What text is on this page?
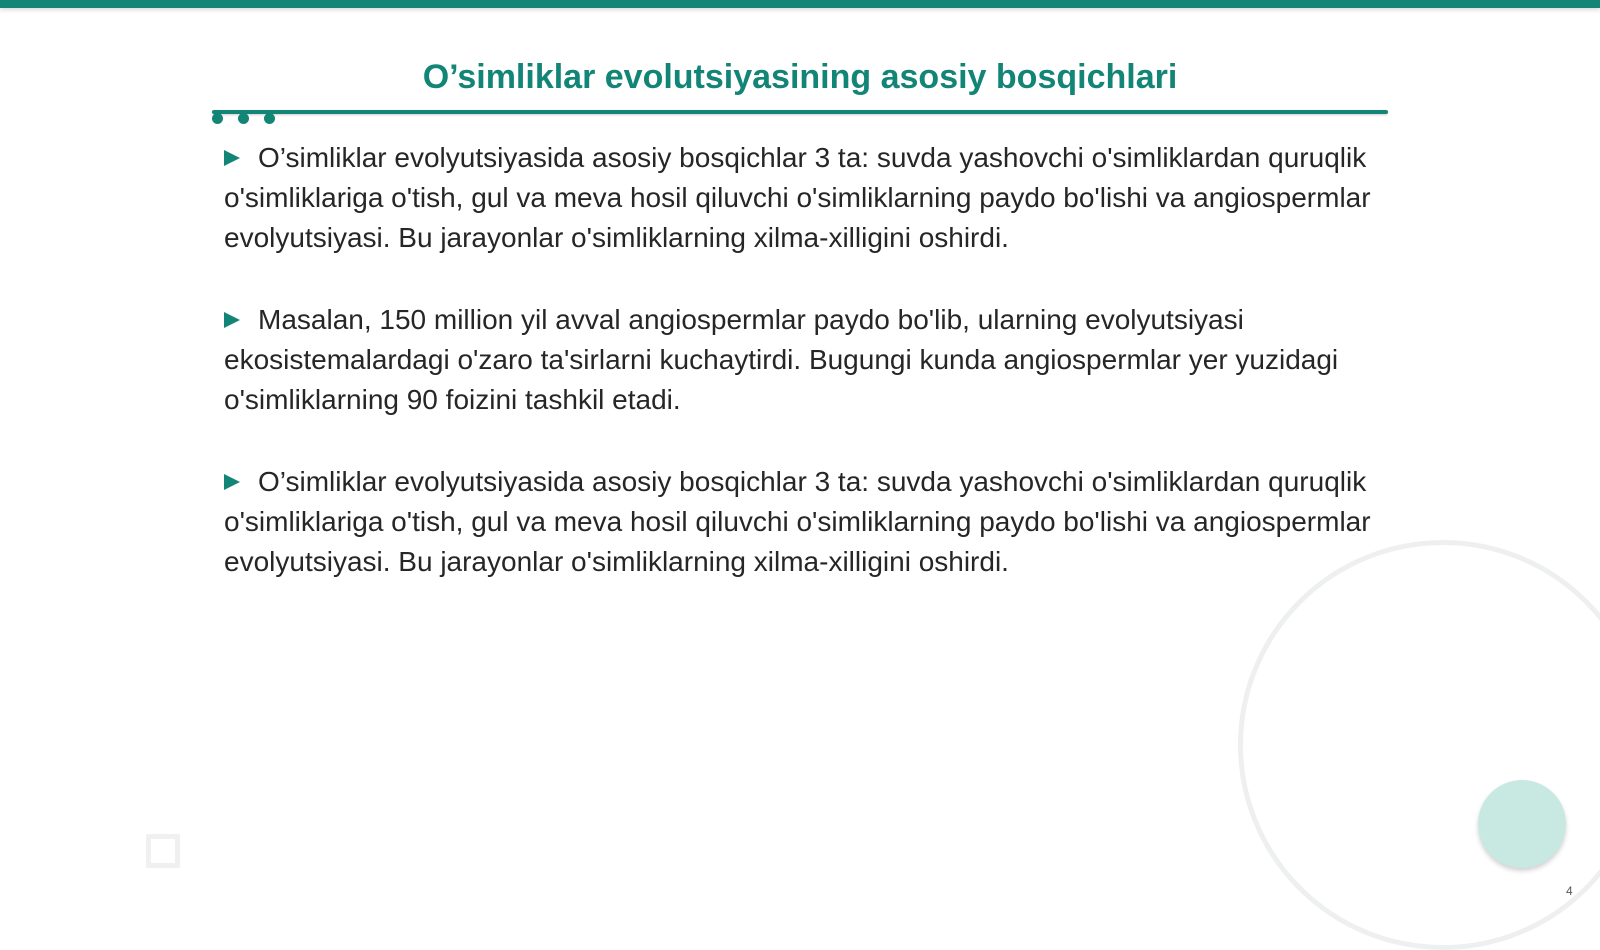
O’simliklar evolutsiyasining asosiy bosqichlari

O’simliklar evolyutsiyasida asosiy bosqichlar 3 ta: suvda yashovchi o'simliklardan quruqlik o'simliklariga o'tish, gul va meva hosil qiluvchi o'simliklarning paydo bo'lishi va angiospermlar evolyutsiyasi. Bu jarayonlar o'simliklarning xilma-xilligini oshirdi.

Masalan, 150 million yil avval angiospermlar paydo bo'lib, ularning evolyutsiyasi ekosistemalardagi o'zaro ta'sirlarni kuchaytirdi. Bugungi kunda angiospermlar yer yuzidagi o'simliklarning 90 foizini tashkil etadi.

O’simliklar evolyutsiyasida asosiy bosqichlar 3 ta: suvda yashovchi o'simliklardan quruqlik o'simliklariga o'tish, gul va meva hosil qiluvchi o'simliklarning paydo bo'lishi va angiospermlar evolyutsiyasi. Bu jarayonlar o'simliklarning xilma-xilligini oshirdi.

4
